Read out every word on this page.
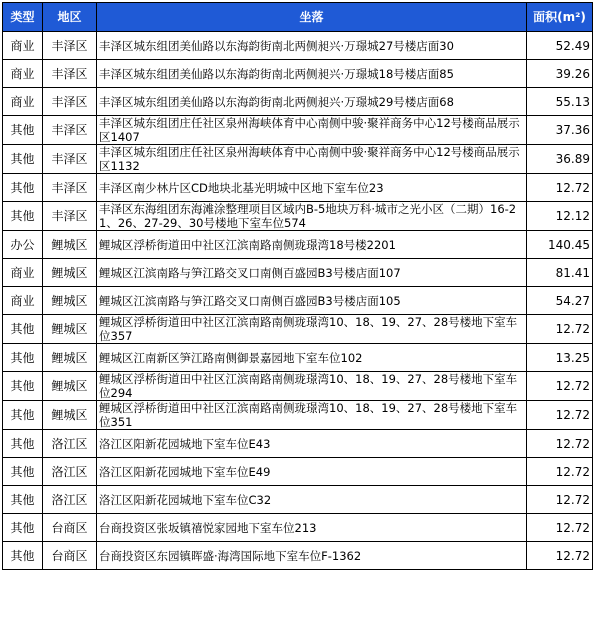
类型	地区	坐落	面积(m²)
商业	丰泽区	丰泽区城东组团美仙路以东海韵街南北两侧昶兴·万璟城27号楼店面30	52.49
商业	丰泽区	丰泽区城东组团美仙路以东海韵街南北两侧昶兴·万璟城18号楼店面85	39.26
商业	丰泽区	丰泽区城东组团美仙路以东海韵街南北两侧昶兴·万璟城29号楼店面68	55.13
其他	丰泽区	丰泽区城东组团庄任社区泉州海峡体育中心南侧中骏·聚祥商务中心12号楼商品展示区1407	37.36
其他	丰泽区	丰泽区城东组团庄任社区泉州海峡体育中心南侧中骏·聚祥商务中心12号楼商品展示区1132	36.89
其他	丰泽区	丰泽区南少林片区CD地块北基光明城中区地下室车位23	12.72
其他	丰泽区	丰泽区东海组团东海滩涂整理项目区域内B-5地块万科·城市之光小区（二期）16-21、26、27-29、30号楼地下室车位574	12.12
办公	鲤城区	鲤城区浮桥街道田中社区江滨南路南侧珑璟湾18号楼2201	140.45
商业	鲤城区	鲤城区江滨南路与笋江路交叉口南侧百盛园B3号楼店面107	81.41
商业	鲤城区	鲤城区江滨南路与笋江路交叉口南侧百盛园B3号楼店面105	54.27
其他	鲤城区	鲤城区浮桥街道田中社区江滨南路南侧珑璟湾10、18、19、27、28号楼地下室车位357	12.72
其他	鲤城区	鲤城区江南新区笋江路南侧御景嘉园地下室车位102	13.25
其他	鲤城区	鲤城区浮桥街道田中社区江滨南路南侧珑璟湾10、18、19、27、28号楼地下室车位294	12.72
其他	鲤城区	鲤城区浮桥街道田中社区江滨南路南侧珑璟湾10、18、19、27、28号楼地下室车位351	12.72
其他	洛江区	洛江区阳新花园城地下室车位E43	12.72
其他	洛江区	洛江区阳新花园城地下室车位E49	12.72
其他	洛江区	洛江区阳新花园城地下室车位C32	12.72
其他	台商区	台商投资区张坂镇禧悦家园地下室车位213	12.72
其他	台商区	台商投资区东园镇晖盛·海湾国际地下室车位F-1362	12.72
